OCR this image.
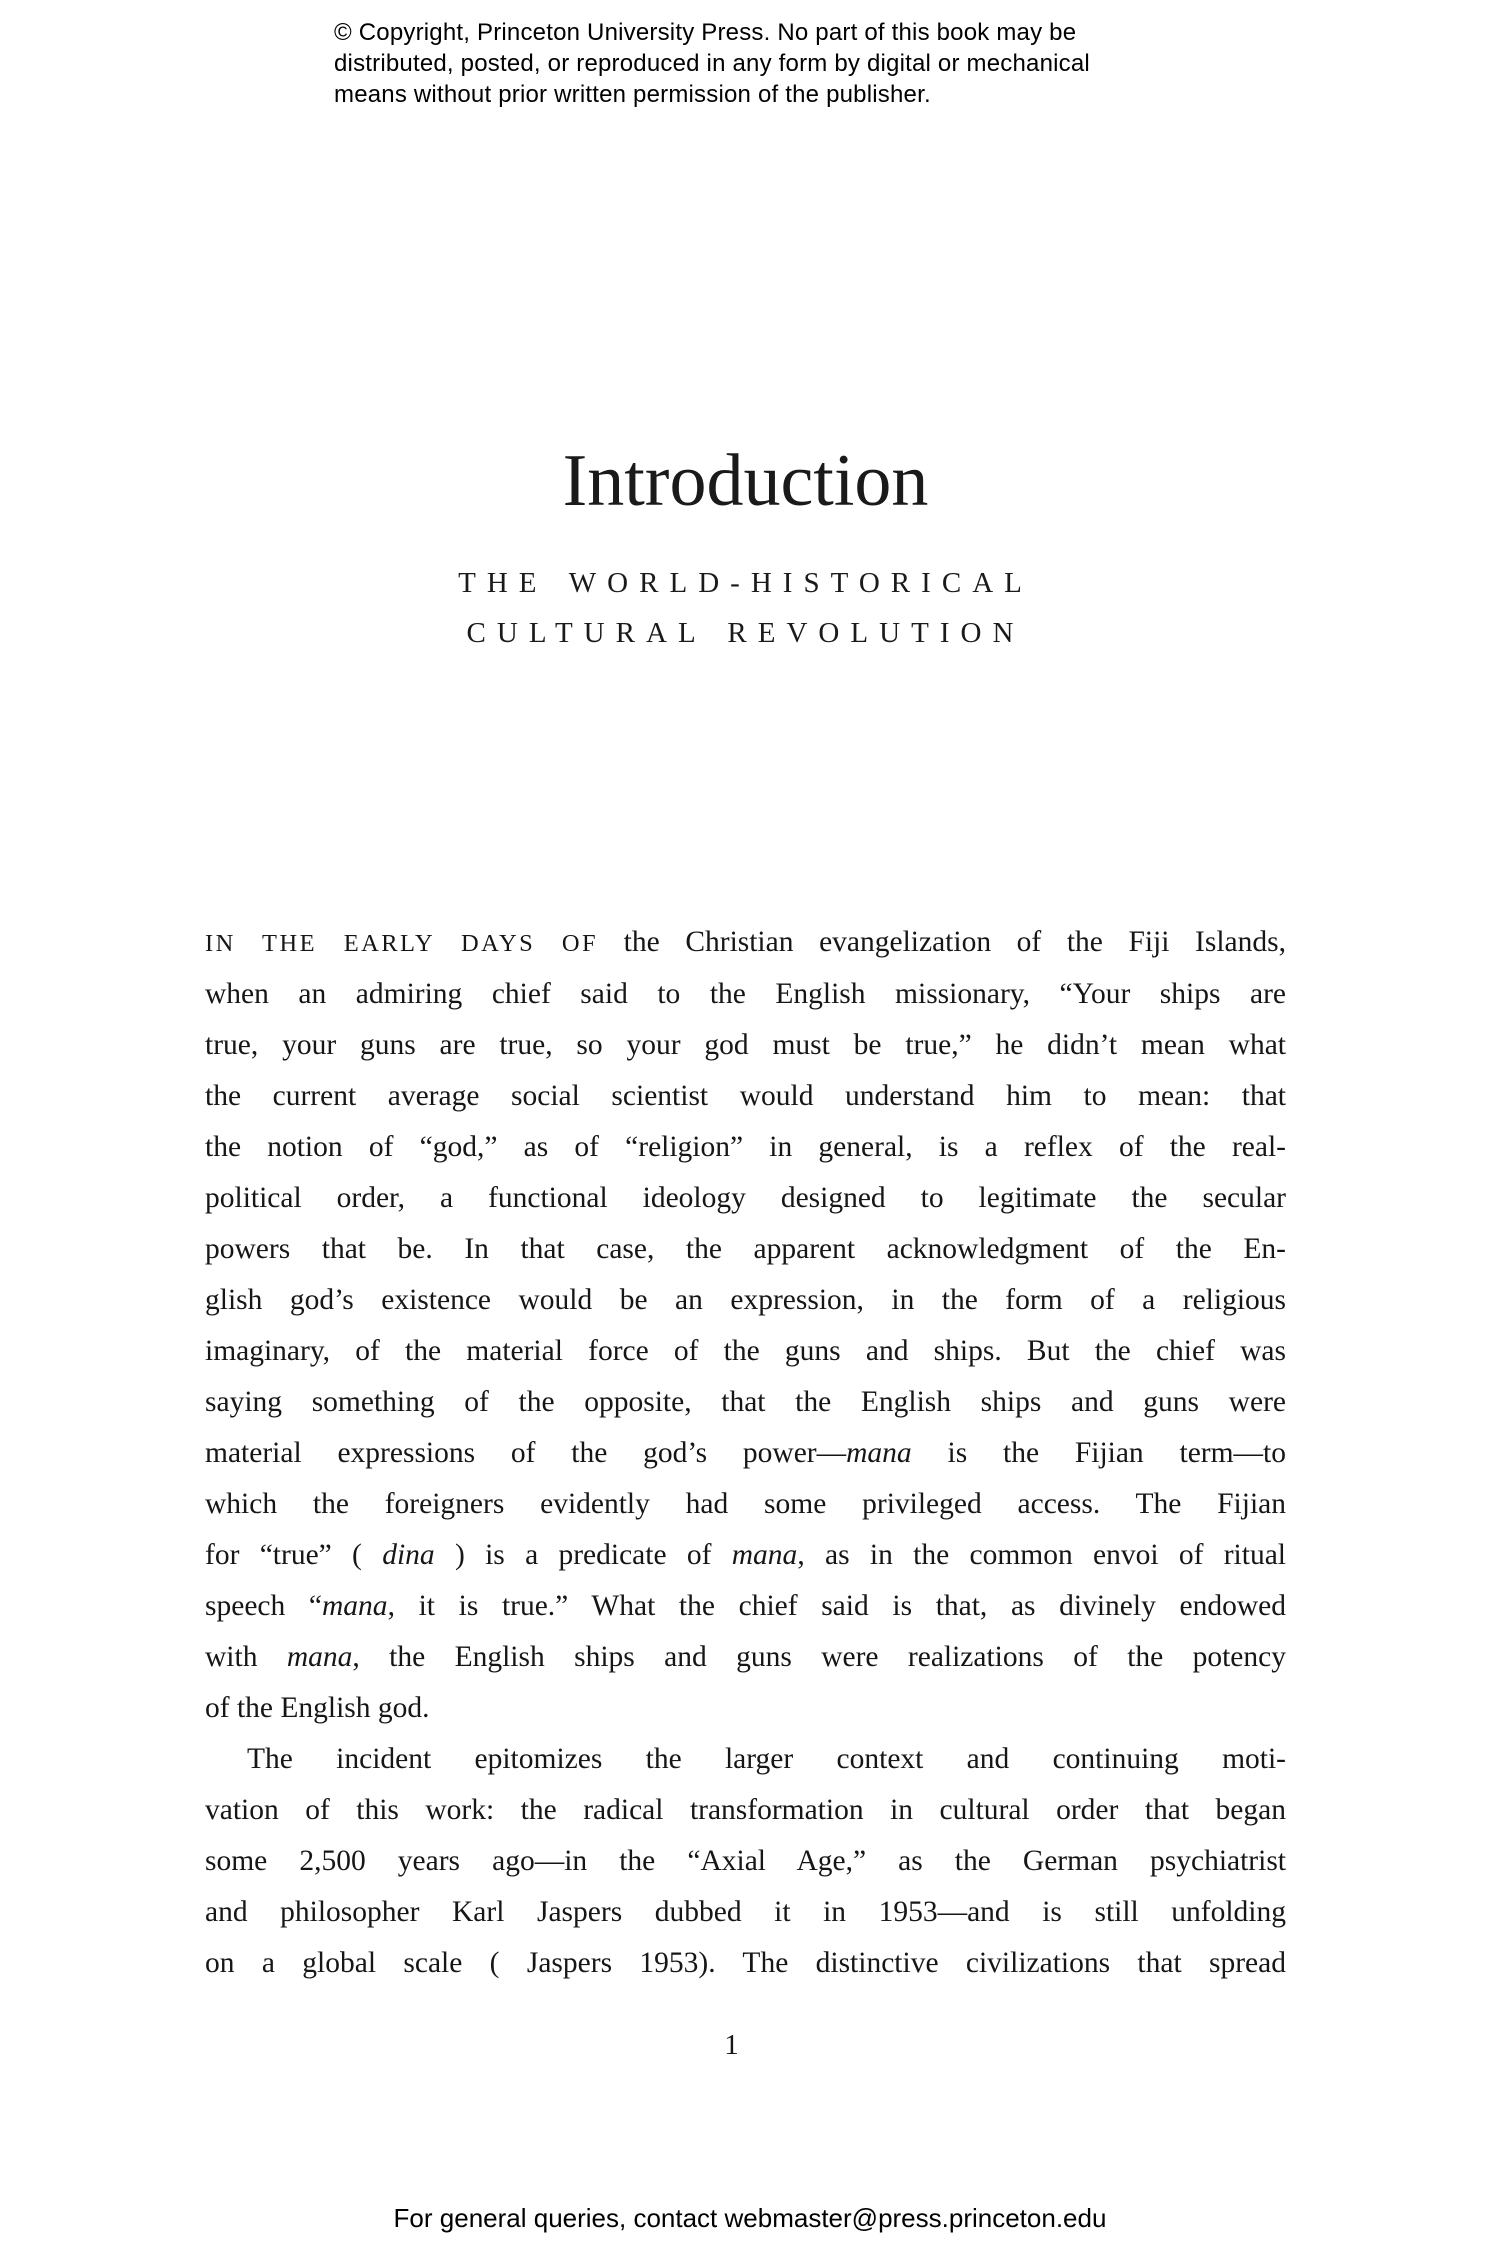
© Copyright, Princeton University Press. No part of this book may be
distributed, posted, or reproduced in any form by digital or mechanical
means without prior written permission of the publisher.
Introduction
THE WORLD-HISTORICAL
CULTURAL REVOLUTION
IN THE EARLY DAYS OF the Christian evangelization of the Fiji Islands,
when an admiring chief said to the English missionary, “Your ships are
true, your guns are true, so your god must be true,” he didn’t mean what
the current average social scientist would understand him to mean: that
the notion of “god,” as of “religion” in general, is a reflex of the real-
political order, a functional ideology designed to legitimate the secular
powers that be. In that case, the apparent acknowledgment of the En-
glish god’s existence would be an expression, in the form of a religious
imaginary, of the material force of the guns and ships. But the chief was
saying something of the opposite, that the English ships and guns were
material expressions of the god’s power—mana is the Fijian term—to
which the foreigners evidently had some privileged access. The Fijian
for “true” ( dina ) is a predicate of mana, as in the common envoi of ritual
speech “mana, it is true.” What the chief said is that, as divinely endowed
with mana, the English ships and guns were realizations of the potency
of the English god.
The incident epitomizes the larger context and continuing moti-
vation of this work: the radical transformation in cultural order that began
some 2,500 years ago—in the “Axial Age,” as the German psychiatrist
and philosopher Karl Jaspers dubbed it in 1953—and is still unfolding
on a global scale ( Jaspers 1953). The distinctive civilizations that spread
1
For general queries, contact webmaster@press.princeton.edu
